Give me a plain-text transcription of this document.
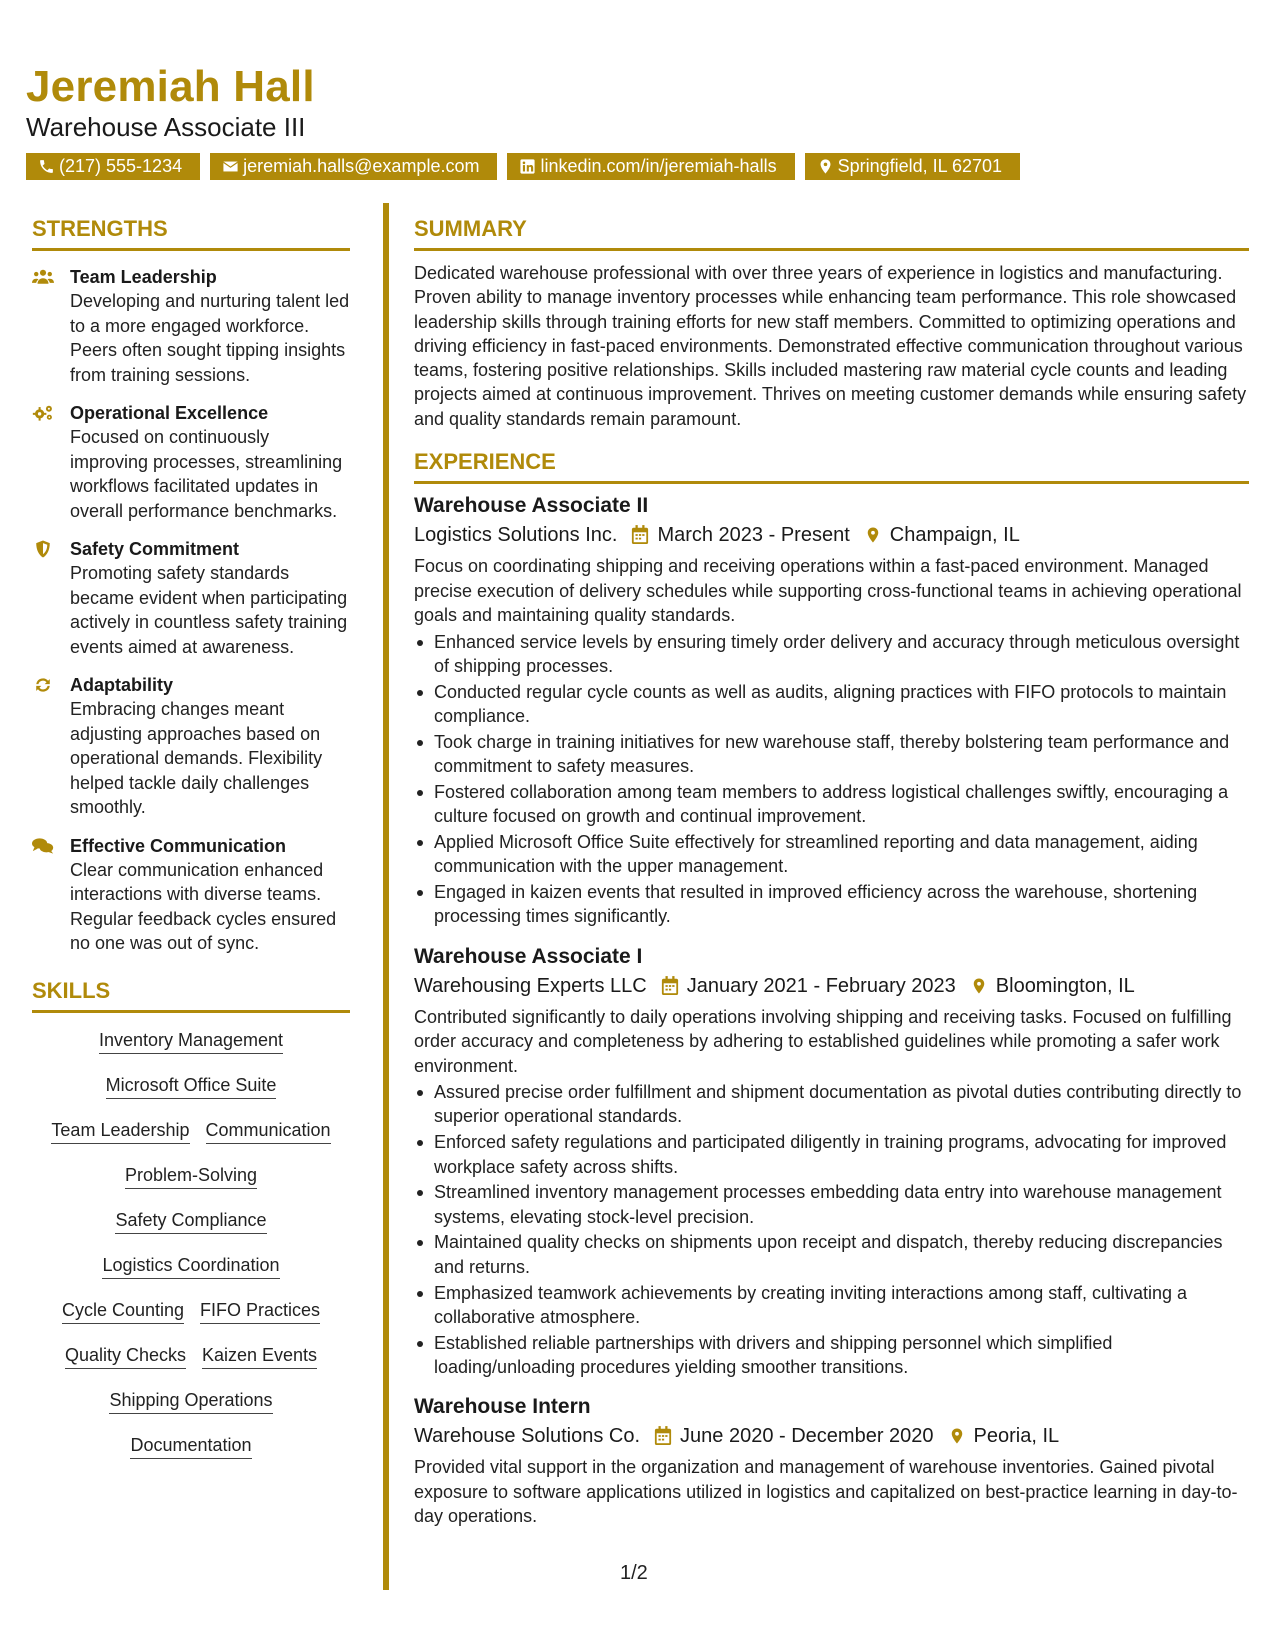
Jeremiah Hall
Warehouse Associate III
(217) 555-1234	jeremiah.halls@example.com	linkedin.com/in/jeremiah-halls	Springfield, IL 62701
STRENGTHS
Team Leadership
Developing and nurturing talent led to a more engaged workforce. Peers often sought tipping insights from training sessions.
Operational Excellence
Focused on continuously improving processes, streamlining workflows facilitated updates in overall performance benchmarks.
Safety Commitment
Promoting safety standards became evident when participating actively in countless safety training events aimed at awareness.
Adaptability
Embracing changes meant adjusting approaches based on operational demands. Flexibility helped tackle daily challenges smoothly.
Effective Communication
Clear communication enhanced interactions with diverse teams. Regular feedback cycles ensured no one was out of sync.
SKILLS
Inventory Management
Microsoft Office Suite
Team Leadership Communication
Problem-Solving
Safety Compliance
Logistics Coordination
Cycle Counting FIFO Practices
Quality Checks Kaizen Events
Shipping Operations
Documentation
SUMMARY
Dedicated warehouse professional with over three years of experience in logistics and manufacturing. Proven ability to manage inventory processes while enhancing team performance. This role showcased leadership skills through training efforts for new staff members. Committed to optimizing operations and driving efficiency in fast-paced environments. Demonstrated effective communication throughout various teams, fostering positive relationships. Skills included mastering raw material cycle counts and leading projects aimed at continuous improvement. Thrives on meeting customer demands while ensuring safety and quality standards remain paramount.
EXPERIENCE
Warehouse Associate II
Logistics Solutions Inc. March 2023 - Present Champaign, IL
Focus on coordinating shipping and receiving operations within a fast-paced environment. Managed precise execution of delivery schedules while supporting cross-functional teams in achieving operational goals and maintaining quality standards.
Enhanced service levels by ensuring timely order delivery and accuracy through meticulous oversight of shipping processes.
Conducted regular cycle counts as well as audits, aligning practices with FIFO protocols to maintain compliance.
Took charge in training initiatives for new warehouse staff, thereby bolstering team performance and commitment to safety measures.
Fostered collaboration among team members to address logistical challenges swiftly, encouraging a culture focused on growth and continual improvement.
Applied Microsoft Office Suite effectively for streamlined reporting and data management, aiding communication with the upper management.
Engaged in kaizen events that resulted in improved efficiency across the warehouse, shortening processing times significantly.
Warehouse Associate I
Warehousing Experts LLC January 2021 - February 2023 Bloomington, IL
Contributed significantly to daily operations involving shipping and receiving tasks. Focused on fulfilling order accuracy and completeness by adhering to established guidelines while promoting a safer work environment.
Assured precise order fulfillment and shipment documentation as pivotal duties contributing directly to superior operational standards.
Enforced safety regulations and participated diligently in training programs, advocating for improved workplace safety across shifts.
Streamlined inventory management processes embedding data entry into warehouse management systems, elevating stock-level precision.
Maintained quality checks on shipments upon receipt and dispatch, thereby reducing discrepancies and returns.
Emphasized teamwork achievements by creating inviting interactions among staff, cultivating a collaborative atmosphere.
Established reliable partnerships with drivers and shipping personnel which simplified loading/unloading procedures yielding smoother transitions.
Warehouse Intern
Warehouse Solutions Co. June 2020 - December 2020 Peoria, IL
Provided vital support in the organization and management of warehouse inventories. Gained pivotal exposure to software applications utilized in logistics and capitalized on best-practice learning in day-to-day operations.
1/2
